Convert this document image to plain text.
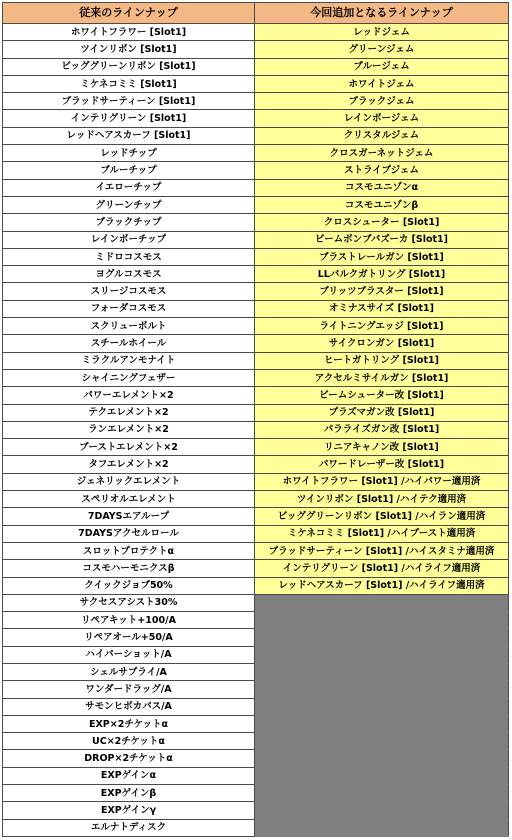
従来のラインナップ	今回追加となるラインナップ
ホワイトフラワー [Slot1]	レッドジェム
ツインリボン [Slot1]	グリーンジェム
ビッググリーンリボン [Slot1]	ブルージェム
ミケネコミミ [Slot1]	ホワイトジェム
ブラッドサーティーン [Slot1]	ブラックジェム
インテリグリーン [Slot1]	レインボージェム
レッドヘアスカーフ [Slot1]	クリスタルジェム
レッドチップ	クロスガーネットジェム
ブルーチップ	ストライプジェム
イエローチップ	コスモユニゾンα
グリーンチップ	コスモユニゾンβ
ブラックチップ	クロスシューター [Slot1]
レインボーチップ	ビームボンブバズーカ [Slot1]
ミドロコスモス	ブラストレールガン [Slot1]
ヨグルコスモス	LLバルクガトリング [Slot1]
スリージコスモス	ブリッツブラスター [Slot1]
フォーダコスモス	オミナスサイズ [Slot1]
スクリューボルト	ライトニングエッジ [Slot1]
スチールホイール	サイクロンガン [Slot1]
ミラクルアンモナイト	ヒートガトリング [Slot1]
シャイニングフェザー	アクセルミサイルガン [Slot1]
パワーエレメント×2	ビームシューター改 [Slot1]
テクエレメント×2	プラズマガン改 [Slot1]
ランエレメント×2	パラライズガン改 [Slot1]
ブーストエレメント×2	リニアキャノン改 [Slot1]
タフエレメント×2	パワードレーザー改 [Slot1]
ジェネリックエレメント	ホワイトフラワー [Slot1] /ハイパワー適用済
スペリオルエレメント	ツインリボン [Slot1] /ハイテク適用済
7DAYSエアループ	ビッググリーンリボン [Slot1] /ハイラン適用済
7DAYSアクセルロール	ミケネコミミ [Slot1] /ハイブースト適用済
スロットプロテクトα	ブラッドサーティーン [Slot1] /ハイスタミナ適用済
コスモハーモニクスβ	インテリグリーン [Slot1] /ハイライフ適用済
クイックジョブ50%	レッドヘアスカーフ [Slot1] /ハイライフ適用済
サクセスアシスト30%	
リペアキット+100/A	
リペアオール+50/A	
ハイパーショット/A	
シェルサプライ/A	
ワンダードラッグ/A	
サモンヒボカパス/A	
EXP×2チケットα	
UC×2チケットα	
DROP×2チケットα	
EXPゲインα	
EXPゲインβ	
EXPゲインγ	
エルナトディスク	
